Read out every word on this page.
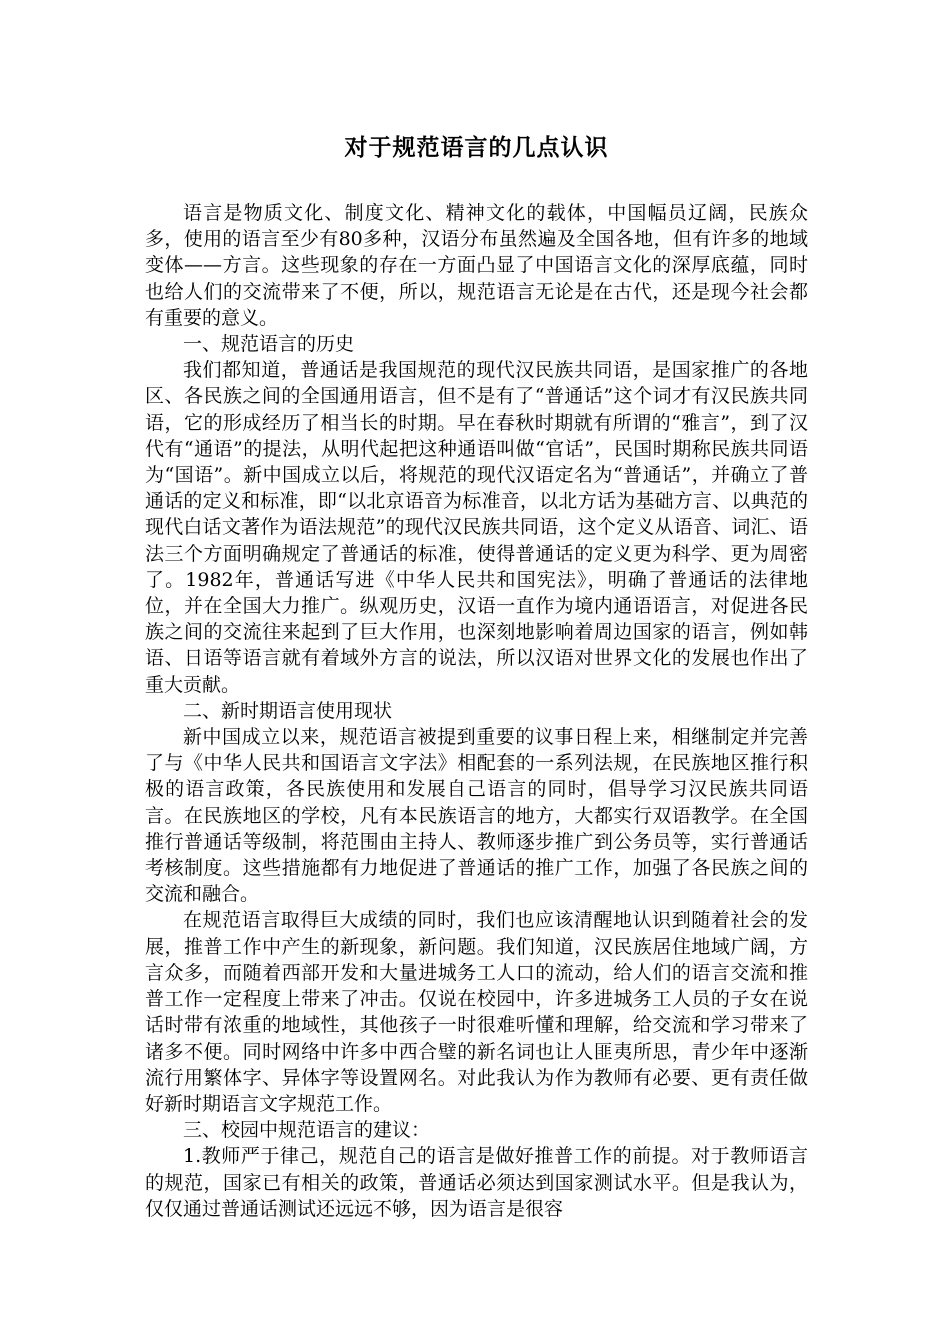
对于规范语言的几点认识

语言是物质文化、制度文化、精神文化的载体，中国幅员辽阔，民族众多，使用的语言至少有80多种，汉语分布虽然遍及全国各地，但有许多的地域变体——方言。这些现象的存在一方面凸显了中国语言文化的深厚底蕴，同时也给人们的交流带来了不便，所以，规范语言无论是在古代，还是现今社会都有重要的意义。

一、规范语言的历史

我们都知道，普通话是我国规范的现代汉民族共同语，是国家推广的各地区、各民族之间的全国通用语言，但不是有了“普通话”这个词才有汉民族共同语，它的形成经历了相当长的时期。早在春秋时期就有所谓的“雅言”，到了汉代有“通语”的提法，从明代起把这种通语叫做“官话”，民国时期称民族共同语为“国语”。新中国成立以后，将规范的现代汉语定名为“普通话”，并确立了普通话的定义和标准，即“以北京语音为标准音，以北方话为基础方言、以典范的现代白话文著作为语法规范”的现代汉民族共同语，这个定义从语音、词汇、语法三个方面明确规定了普通话的标准，使得普通话的定义更为科学、更为周密了。1982年，普通话写进《中华人民共和国宪法》，明确了普通话的法律地位，并在全国大力推广。纵观历史，汉语一直作为境内通语语言，对促进各民族之间的交流往来起到了巨大作用，也深刻地影响着周边国家的语言，例如韩语、日语等语言就有着域外方言的说法，所以汉语对世界文化的发展也作出了重大贡献。

二、新时期语言使用现状

新中国成立以来，规范语言被提到重要的议事日程上来，相继制定并完善了与《中华人民共和国语言文字法》相配套的一系列法规，在民族地区推行积极的语言政策，各民族使用和发展自己语言的同时，倡导学习汉民族共同语言。在民族地区的学校，凡有本民族语言的地方，大都实行双语教学。在全国推行普通话等级制，将范围由主持人、教师逐步推广到公务员等，实行普通话考核制度。这些措施都有力地促进了普通话的推广工作，加强了各民族之间的交流和融合。

在规范语言取得巨大成绩的同时，我们也应该清醒地认识到随着社会的发展，推普工作中产生的新现象，新问题。我们知道，汉民族居住地域广阔，方言众多，而随着西部开发和大量进城务工人口的流动，给人们的语言交流和推普工作一定程度上带来了冲击。仅说在校园中，许多进城务工人员的子女在说话时带有浓重的地域性，其他孩子一时很难听懂和理解，给交流和学习带来了诸多不便。同时网络中许多中西合璧的新名词也让人匪夷所思，青少年中逐渐流行用繁体字、异体字等设置网名。对此我认为作为教师有必要、更有责任做好新时期语言文字规范工作。

三、校园中规范语言的建议：

1.教师严于律己，规范自己的语言是做好推普工作的前提。对于教师语言的规范，国家已有相关的政策，普通话必须达到国家测试水平。但是我认为，仅仅通过普通话测试还远远不够，因为语言是很容
